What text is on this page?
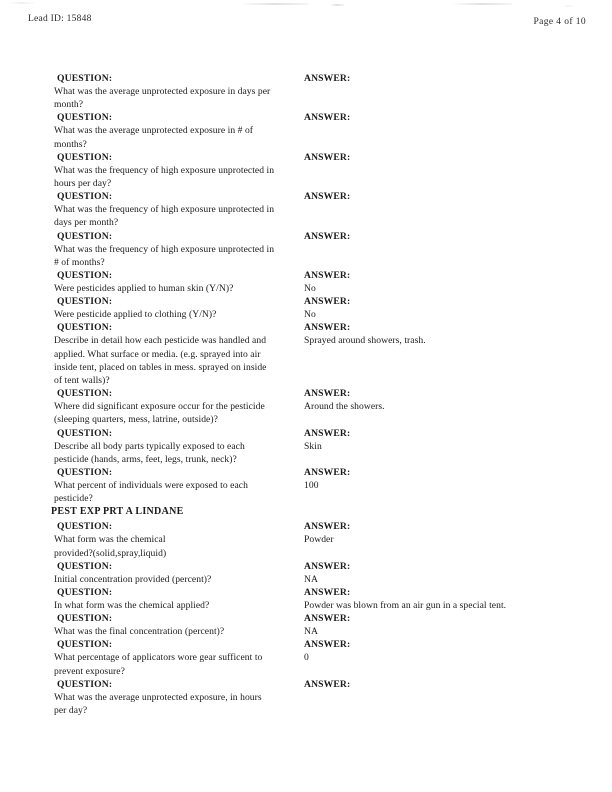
Lead ID: 15848	Page 4 of 10
QUESTION:
What was the average unprotected exposure in days per
month?
ANSWER:
QUESTION:
What was the average unprotected exposure in # of
months?
ANSWER:
QUESTION:
What was the frequency of high exposure unprotected in
hours per day?
ANSWER:
QUESTION:
What was the frequency of high exposure unprotected in
days per month?
ANSWER:
QUESTION:
What was the frequency of high exposure unprotected in
# of months?
ANSWER:
QUESTION:
Were pesticides applied to human skin (Y/N)?
ANSWER:
No
QUESTION:
Were pesticide applied to clothing (Y/N)?
ANSWER:
No
QUESTION:
Describe in detail how each pesticide was handled and
applied. What surface or media. (e.g. sprayed into air
inside tent, placed on tables in mess. sprayed on inside
of tent walls)?
ANSWER:
Sprayed around showers, trash.
QUESTION:
Where did significant exposure occur for the pesticide
(sleeping quarters, mess, latrine, outside)?
ANSWER:
Around the showers.
QUESTION:
Describe all body parts typically exposed to each
pesticide (hands, arms, feet, legs, trunk, neck)?
ANSWER:
Skin
QUESTION:
What percent of individuals were exposed to each
pesticide?
ANSWER:
100
PEST EXP PRT A LINDANE
QUESTION:
What form was the chemical
provided?(solid,spray,liquid)
ANSWER:
Powder
QUESTION:
Initial concentration provided (percent)?
ANSWER:
NA
QUESTION:
In what form was the chemical applied?
ANSWER:
Powder was blown from an air gun in a special tent.
QUESTION:
What was the final concentration (percent)?
ANSWER:
NA
QUESTION:
What percentage of applicators wore gear sufficent to
prevent exposure?
ANSWER:
0
QUESTION:
What was the average unprotected exposure, in hours
per day?
ANSWER:
